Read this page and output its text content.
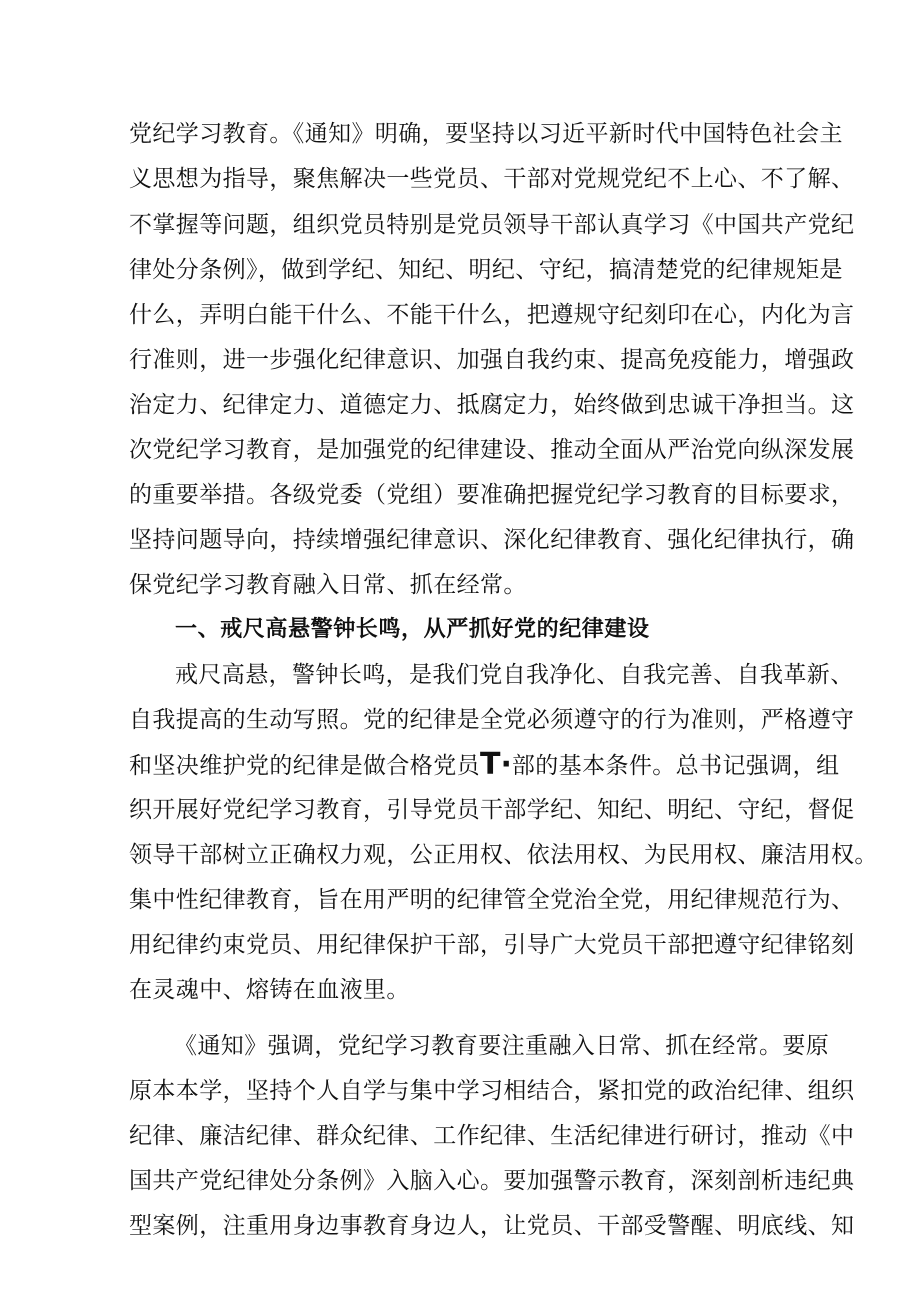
党纪学习教育。《通知》明确，要坚持以习近平新时代中国特色社会主
义思想为指导，聚焦解决一些党员、干部对党规党纪不上心、不了解、
不掌握等问题，组织党员特别是党员领导干部认真学习《中国共产党纪
律处分条例》，做到学纪、知纪、明纪、守纪，搞清楚党的纪律规矩是
什么，弄明白能干什么、不能干什么，把遵规守纪刻印在心，内化为言
行准则，进一步强化纪律意识、加强自我约束、提高免疫能力，增强政
治定力、纪律定力、道德定力、抵腐定力，始终做到忠诚干净担当。这
次党纪学习教育，是加强党的纪律建设、推动全面从严治党向纵深发展
的重要举措。各级党委（党组）要准确把握党纪学习教育的目标要求，
坚持问题导向，持续增强纪律意识、深化纪律教育、强化纪律执行，确
保党纪学习教育融入日常、抓在经常。
一、戒尺高悬警钟长鸣，从严抓好党的纪律建设
戒尺高悬，警钟长鸣，是我们党自我净化、自我完善、自我革新、
自我提高的生动写照。党的纪律是全党必须遵守的行为准则，严格遵守
和坚决维护党的纪律是做合格党员T·部的基本条件。总书记强调，组
织开展好党纪学习教育，引导党员干部学纪、知纪、明纪、守纪，督促
领导干部树立正确权力观，公正用权、依法用权、为民用权、廉洁用权。
集中性纪律教育，旨在用严明的纪律管全党治全党，用纪律规范行为、
用纪律约束党员、用纪律保护干部，引导广大党员干部把遵守纪律铭刻
在灵魂中、熔铸在血液里。
《通知》强调，党纪学习教育要注重融入日常、抓在经常。要原
原本本学，坚持个人自学与集中学习相结合，紧扣党的政治纪律、组织
纪律、廉洁纪律、群众纪律、工作纪律、生活纪律进行研讨，推动《中
国共产党纪律处分条例》入脑入心。要加强警示教育，深刻剖析违纪典
型案例，注重用身边事教育身边人，让党员、干部受警醒、明底线、知
